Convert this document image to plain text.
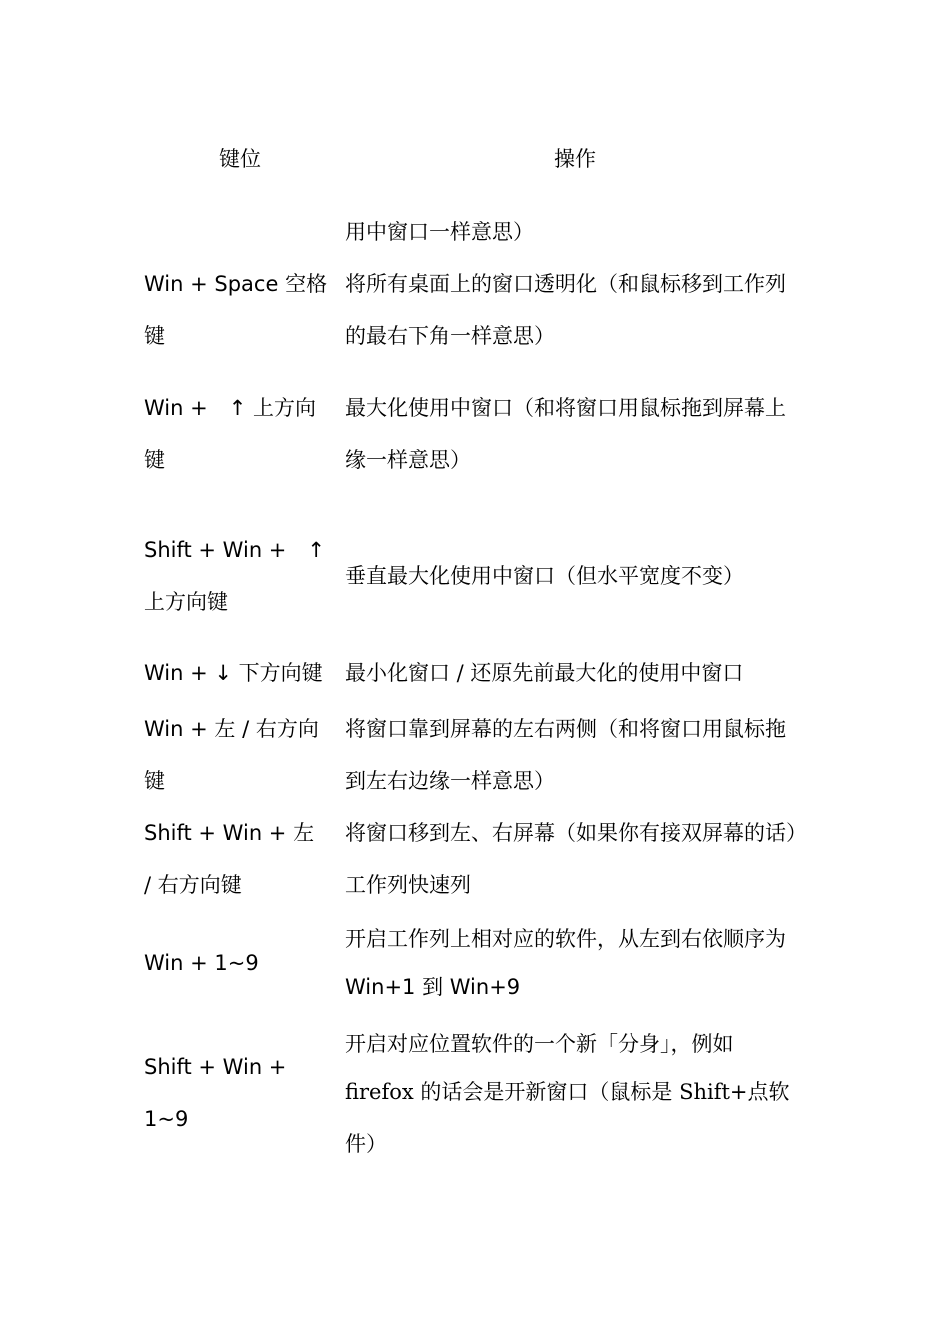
键位	操作
用中窗口一样意思）
Win + Space 空格
键
将所有桌面上的窗口透明化（和鼠标移到工作列
的最右下角一样意思）
Win +　↑ 上方向
键
最大化使用中窗口（和将窗口用鼠标拖到屏幕上
缘一样意思）
Shift + Win +　↑
上方向键
垂直最大化使用中窗口（但水平宽度不变）
Win + ↓ 下方向键	最小化窗口 / 还原先前最大化的使用中窗口
Win + 左 / 右方向
键
将窗口靠到屏幕的左右两侧（和将窗口用鼠标拖
到左右边缘一样意思）
Shift + Win + 左
/ 右方向键
将窗口移到左、右屏幕（如果你有接双屏幕的话）
工作列快速列
Win + 1~9
开启工作列上相对应的软件，从左到右依顺序为
Win+1 到 Win+9
Shift + Win +
1~9
开启对应位置软件的一个新「分身」，例如
firefox 的话会是开新窗口（鼠标是 Shift+点软
件）
